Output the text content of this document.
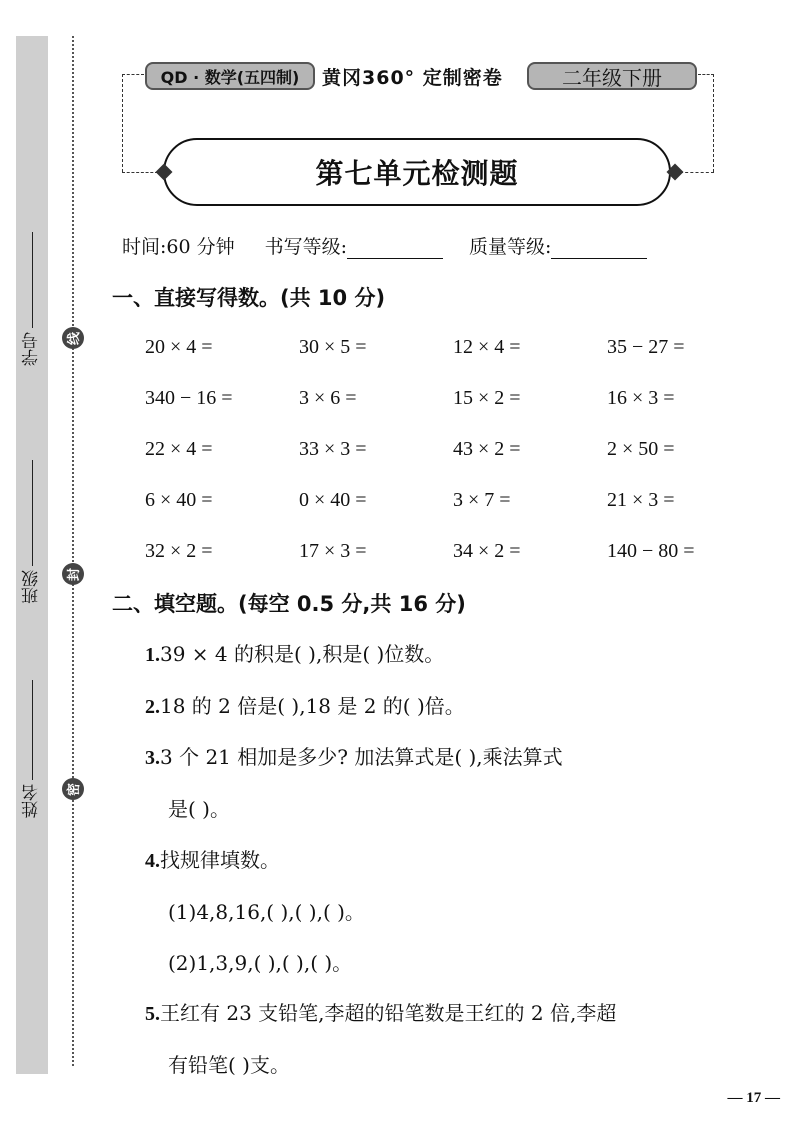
学号
班级
姓名
线
封
密
QD · 数学(五四制) 黄冈360° 定制密卷	二年级下册
第七单元检测题
时间:60 分钟 书写等级:	质量等级:
一、直接写得数。(共 10 分)
20 × 4 =	30 × 5 =	12 × 4 =	35 − 27 =
340 − 16 =	3 × 6 =	15 × 2 =	16 × 3 =
22 × 4 =	33 × 3 =	43 × 2 =	2 × 50 =
6 × 40 =	0 × 40 =	3 × 7 =	21 × 3 =
32 × 2 =	17 × 3 =	34 × 2 =	140 − 80 =
二、填空题。(每空 0.5 分,共 16 分)
1.39 × 4 的积是( ),积是( )位数。
2.18 的 2 倍是( ),18 是 2 的( )倍。
3.3 个 21 相加是多少? 加法算式是( ),乘法算式
是( )。
4.找规律填数。
(1)4,8,16,( ),( ),( )。
(2)1,3,9,( ),( ),( )。
5.王红有 23 支铅笔,李超的铅笔数是王红的 2 倍,李超
有铅笔( )支。
— 17 —
